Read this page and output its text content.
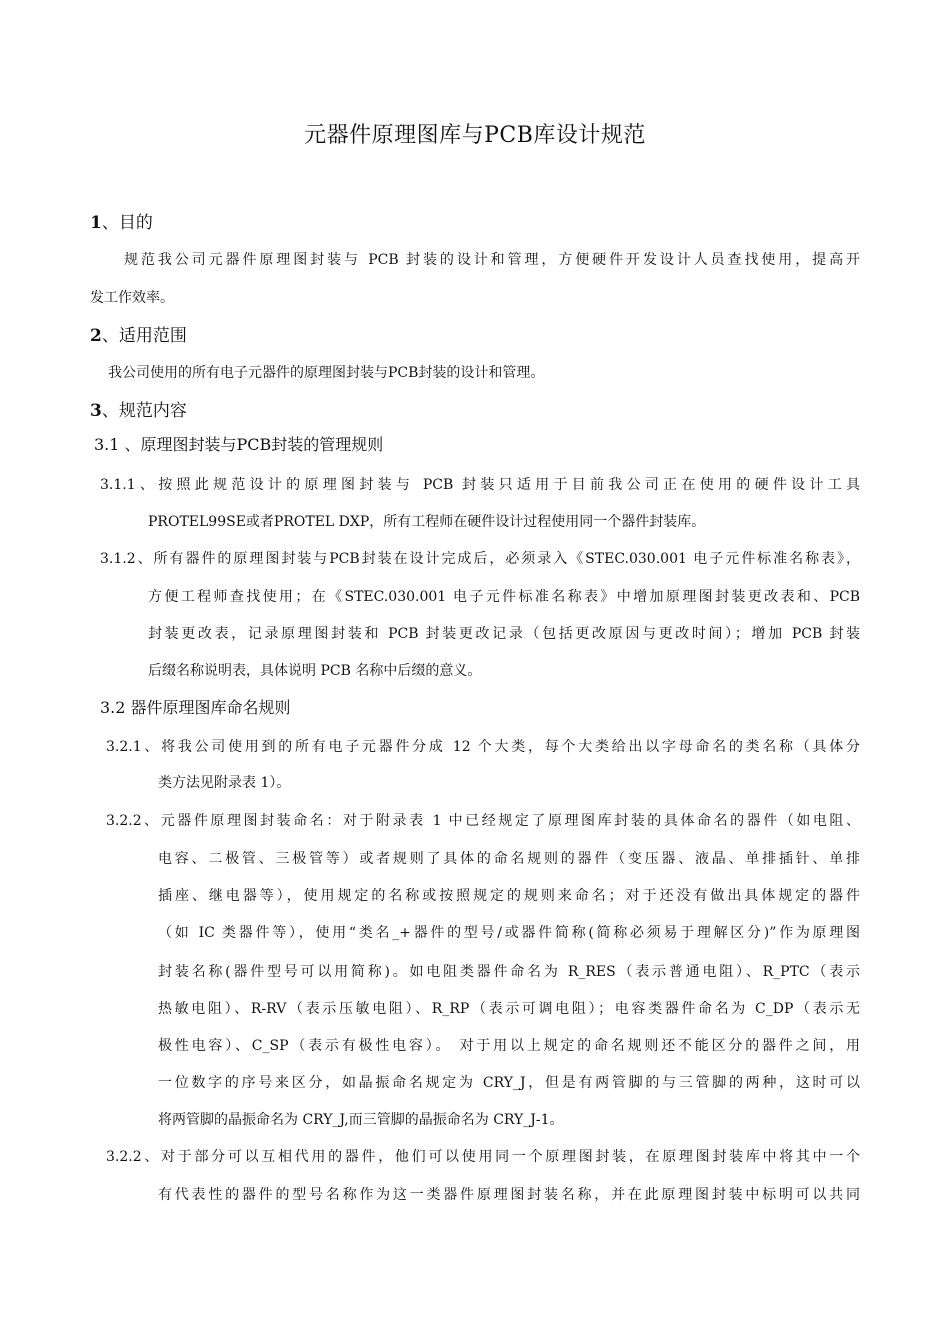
元器件原理图库与PCB库设计规范
1、目的
规范我公司元器件原理图封装与 PCB 封装的设计和管理，方便硬件开发设计人员查找使用，提高开
发工作效率。
2、适用范围
我公司使用的所有电子元器件的原理图封装与PCB封装的设计和管理。
3、规范内容
3.1 、原理图封装与PCB封装的管理规则
3.1.1、按照此规范设计的原理图封装与 PCB 封装只适用于目前我公司正在使用的硬件设计工具
PROTEL99SE或者PROTEL DXP，所有工程师在硬件设计过程使用同一个器件封装库。
3.1.2、所有器件的原理图封装与PCB封装在设计完成后，必须录入《STEC.030.001 电子元件标准名称表》，
方便工程师查找使用；在《STEC.030.001 电子元件标准名称表》中增加原理图封装更改表和、PCB
封装更改表，记录原理图封装和 PCB 封装更改记录（包括更改原因与更改时间）；增加 PCB 封装
后缀名称说明表，具体说明 PCB 名称中后缀的意义。
3.2 器件原理图库命名规则
3.2.1、将我公司使用到的所有电子元器件分成 12 个大类，每个大类给出以字母命名的类名称（具体分
类方法见附录表 1）。
3.2.2、元器件原理图封装命名：对于附录表 1 中已经规定了原理图库封装的具体命名的器件（如电阻、
电容、二极管、三极管等）或者规则了具体的命名规则的器件（变压器、液晶、单排插针、单排
插座、继电器等），使用规定的名称或按照规定的规则来命名；对于还没有做出具体规定的器件
（如 IC 类器件等），使用“类名_+器件的型号/或器件简称(简称必须易于理解区分)”作为原理图
封装名称(器件型号可以用简称)。如电阻类器件命名为 R_RES（表示普通电阻）、R_PTC（表示
热敏电阻）、R-RV（表示压敏电阻）、R_RP（表示可调电阻）；电容类器件命名为 C_DP（表示无
极性电容）、C_SP（表示有极性电容）。 对于用以上规定的命名规则还不能区分的器件之间，用
一位数字的序号来区分，如晶振命名规定为 CRY_J，但是有两管脚的与三管脚的两种，这时可以
将两管脚的晶振命名为 CRY_J,而三管脚的晶振命名为 CRY_J-1。
3.2.2、对于部分可以互相代用的器件，他们可以使用同一个原理图封装，在原理图封装库中将其中一个
有代表性的器件的型号名称作为这一类器件原理图封装名称，并在此原理图封装中标明可以共同
